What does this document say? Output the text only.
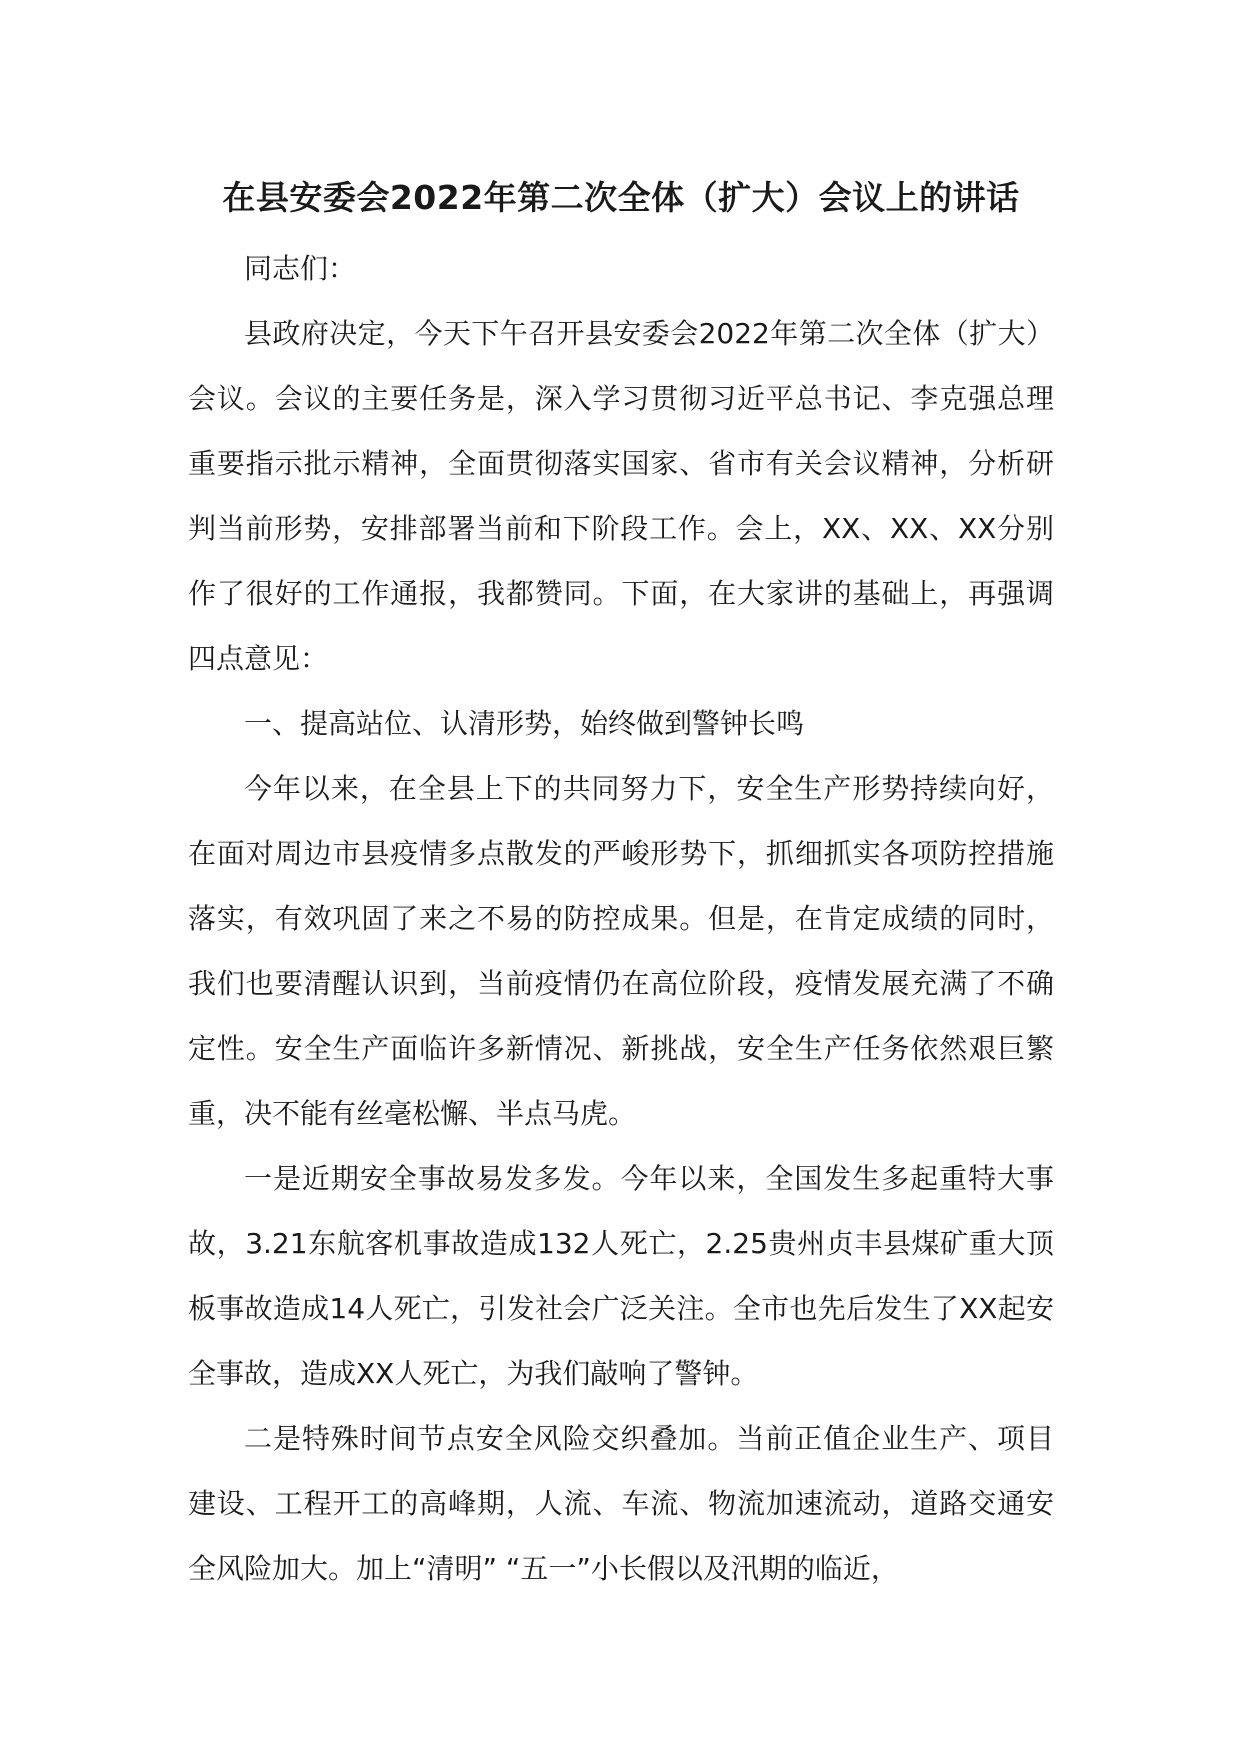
在县安委会2022年第二次全体（扩大）会议上的讲话

同志们：

县政府决定，今天下午召开县安委会2022年第二次全体（扩大）会议。会议的主要任务是，深入学习贯彻习近平总书记、李克强总理重要指示批示精神，全面贯彻落实国家、省市有关会议精神，分析研判当前形势，安排部署当前和下阶段工作。会上，XX、XX、XX分别作了很好的工作通报，我都赞同。下面，在大家讲的基础上，再强调四点意见：

一、提高站位、认清形势，始终做到警钟长鸣

今年以来，在全县上下的共同努力下，安全生产形势持续向好，在面对周边市县疫情多点散发的严峻形势下，抓细抓实各项防控措施落实，有效巩固了来之不易的防控成果。但是，在肯定成绩的同时，我们也要清醒认识到，当前疫情仍在高位阶段，疫情发展充满了不确定性。安全生产面临许多新情况、新挑战，安全生产任务依然艰巨繁重，决不能有丝毫松懈、半点马虎。

一是近期安全事故易发多发。今年以来，全国发生多起重特大事故，3.21东航客机事故造成132人死亡，2.25贵州贞丰县煤矿重大顶板事故造成14人死亡，引发社会广泛关注。全市也先后发生了XX起安全事故，造成XX人死亡，为我们敲响了警钟。

二是特殊时间节点安全风险交织叠加。当前正值企业生产、项目建设、工程开工的高峰期，人流、车流、物流加速流动，道路交通安全风险加大。加上“清明” “五一”小长假以及汛期的临近，
